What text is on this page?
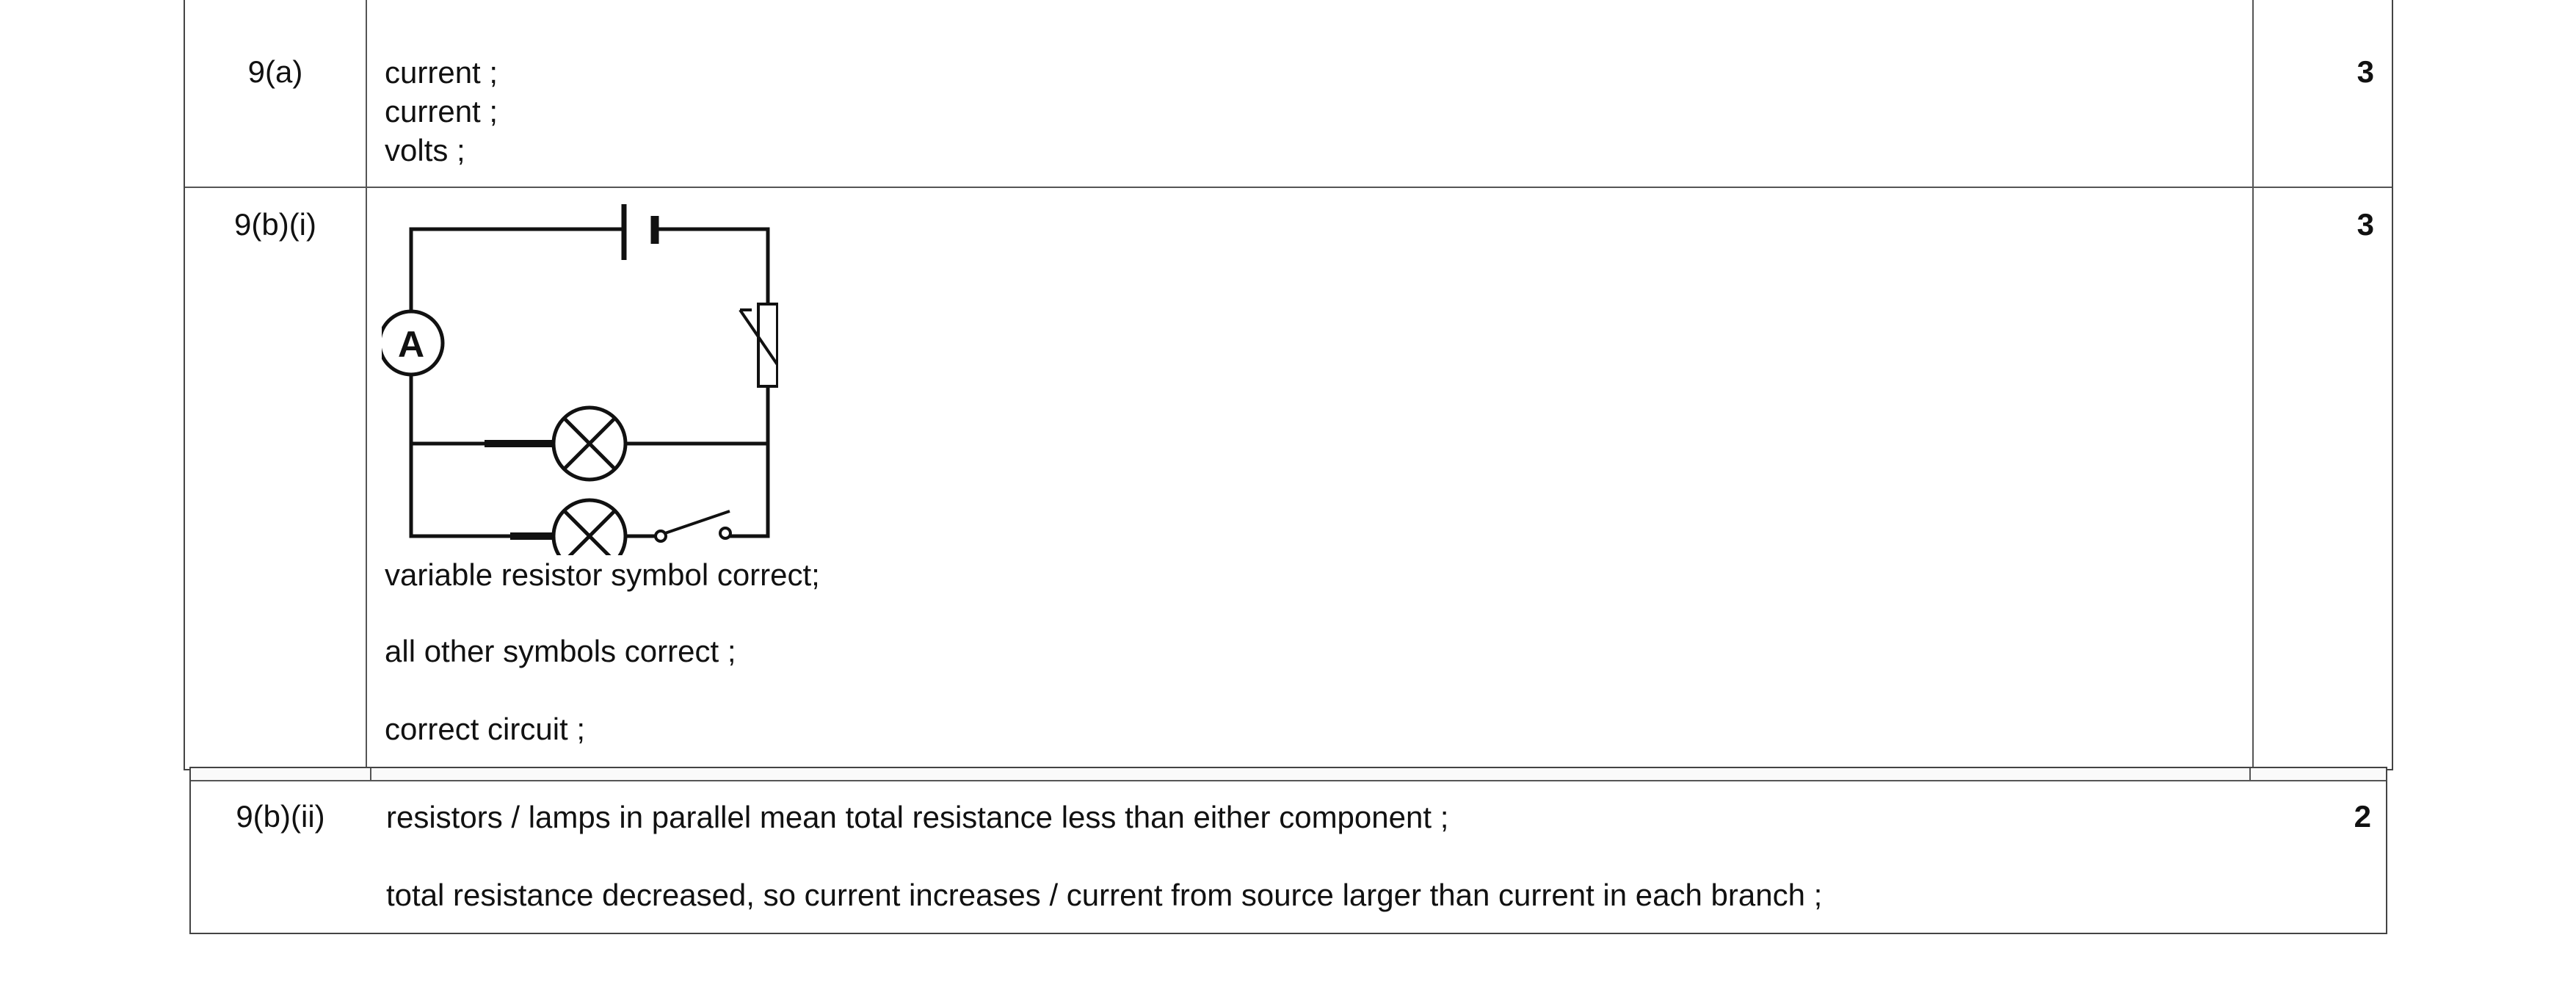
9(a)	current ;
current ;
volts ;
3
9(b)(i)
A
variable resistor symbol correct;
all other symbols correct ;
correct circuit ;
3
9(b)(ii)	resistors / lamps in parallel mean total resistance less than either component ;
total resistance decreased, so current increases / current from source larger than current in each branch ;
2
